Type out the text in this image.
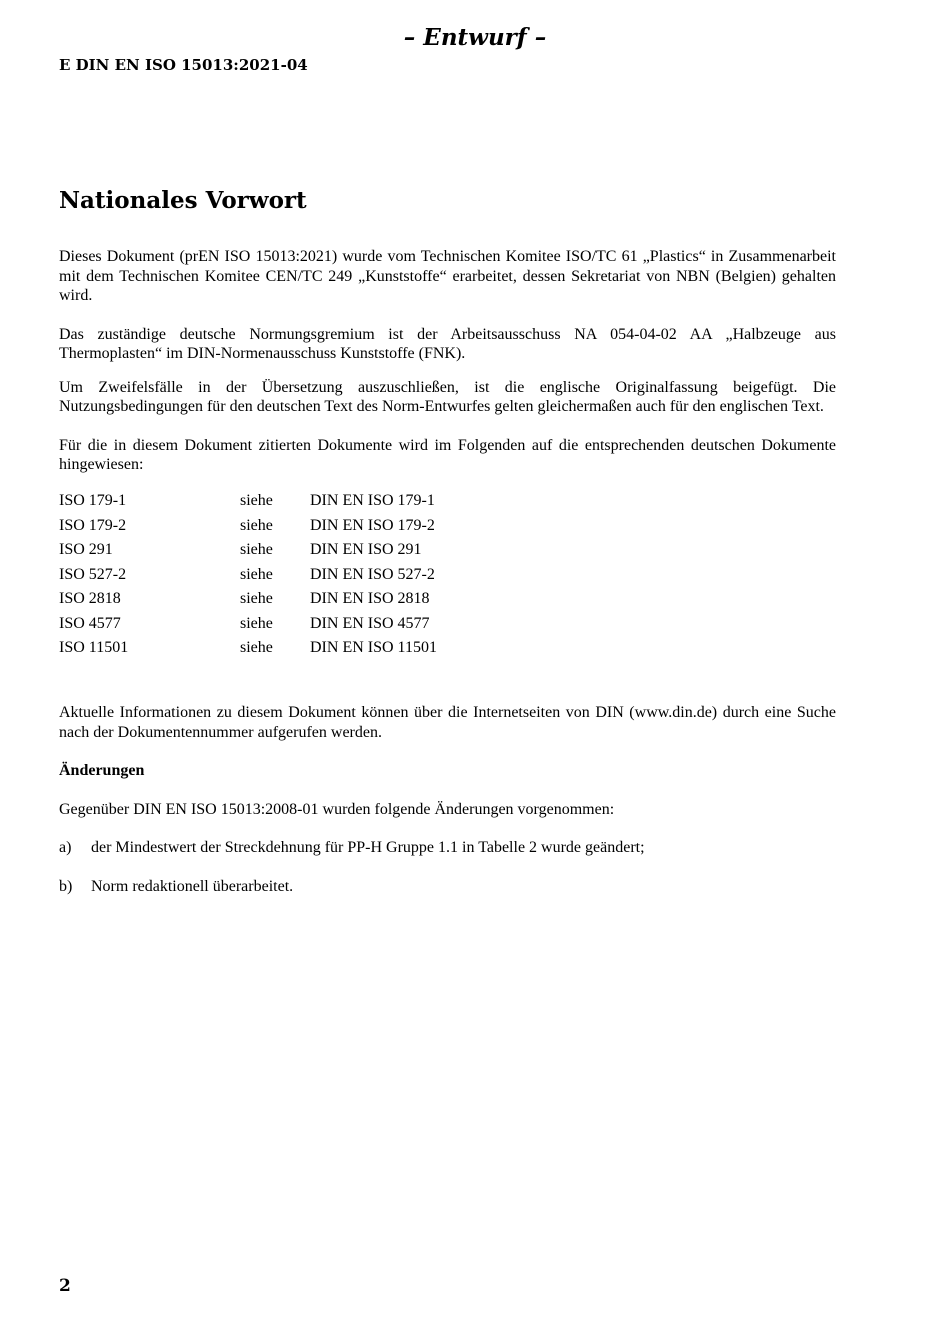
– Entwurf –
E DIN EN ISO 15013:2021-04
Nationales Vorwort

Dieses Dokument (prEN ISO 15013:2021) wurde vom Technischen Komitee ISO/TC 61 „Plastics“ in Zusammenarbeit mit dem Technischen Komitee CEN/TC 249 „Kunststoffe“ erarbeitet, dessen Sekretariat von NBN (Belgien) gehalten wird.

Das zuständige deutsche Normungsgremium ist der Arbeitsausschuss NA 054-04-02 AA „Halbzeuge aus Thermoplasten“ im DIN-Normenausschuss Kunststoffe (FNK).

Um Zweifelsfälle in der Übersetzung auszuschließen, ist die englische Originalfassung beigefügt. Die Nutzungsbedingungen für den deutschen Text des Norm-Entwurfes gelten gleichermaßen auch für den englischen Text.

Für die in diesem Dokument zitierten Dokumente wird im Folgenden auf die entsprechenden deutschen Dokumente hingewiesen:

ISO 179-1	siehe	DIN EN ISO 179-1
ISO 179-2	siehe	DIN EN ISO 179-2
ISO 291	siehe	DIN EN ISO 291
ISO 527-2	siehe	DIN EN ISO 527-2
ISO 2818	siehe	DIN EN ISO 2818
ISO 4577	siehe	DIN EN ISO 4577
ISO 11501	siehe	DIN EN ISO 11501

Aktuelle Informationen zu diesem Dokument können über die Internetseiten von DIN (www.din.de) durch eine Suche nach der Dokumentennummer aufgerufen werden.

Änderungen

Gegenüber DIN EN ISO 15013:2008-01 wurden folgende Änderungen vorgenommen:

a)	der Mindestwert der Streckdehnung für PP-H Gruppe 1.1 in Tabelle 2 wurde geändert;
b)	Norm redaktionell überarbeitet.
2
